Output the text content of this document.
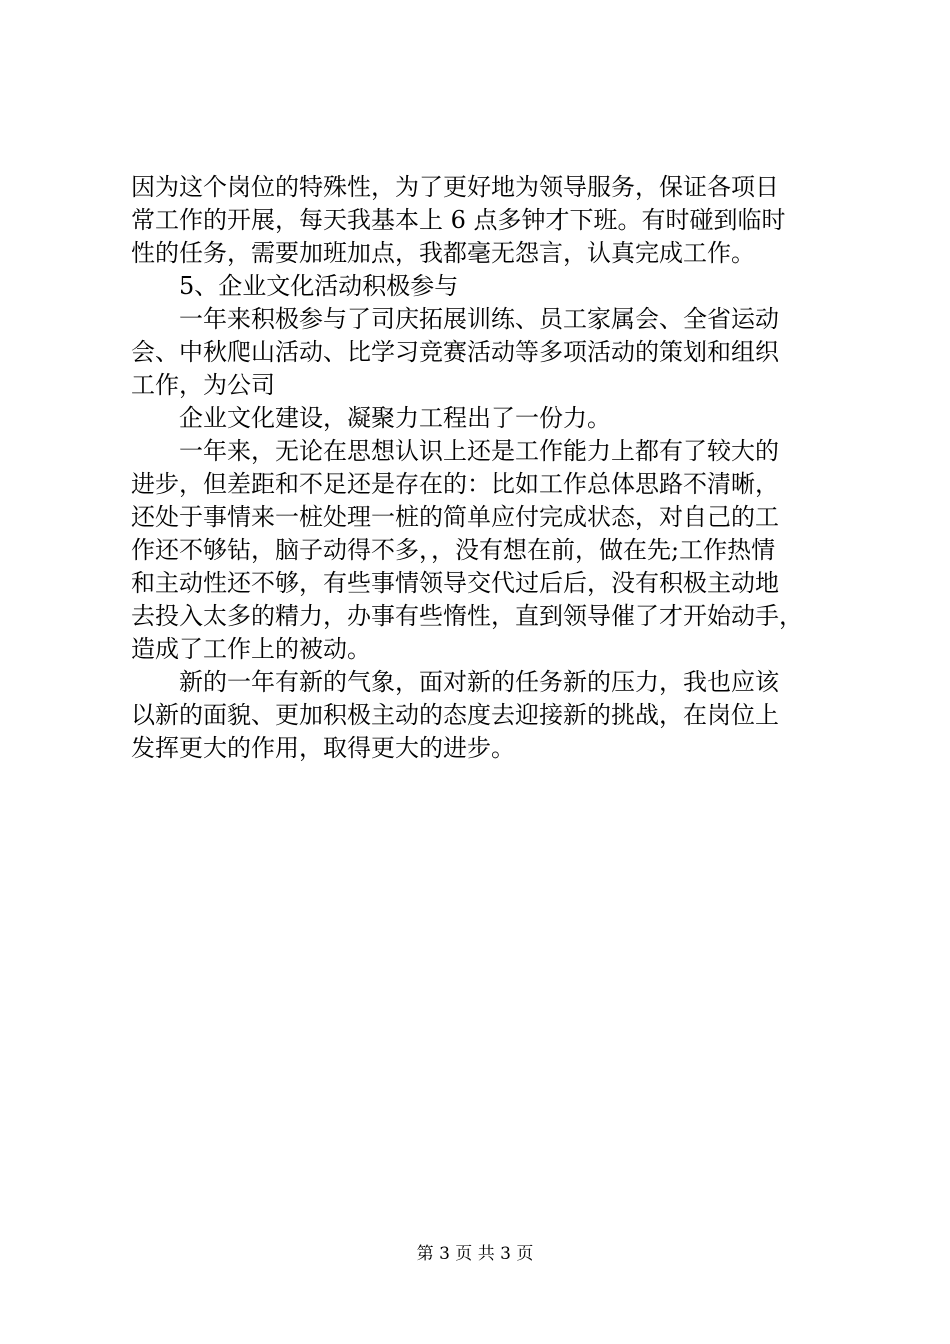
因为这个岗位的特殊性，为了更好地为领导服务，保证各项日
常工作的开展，每天我基本上 6 点多钟才下班。有时碰到临时
性的任务，需要加班加点，我都毫无怨言，认真完成工作。
5、企业文化活动积极参与
一年来积极参与了司庆拓展训练、员工家属会、全省运动
会、中秋爬山活动、比学习竞赛活动等多项活动的策划和组织
工作，为公司
企业文化建设，凝聚力工程出了一份力。
一年来，无论在思想认识上还是工作能力上都有了较大的
进步，但差距和不足还是存在的：比如工作总体思路不清晰，
还处于事情来一桩处理一桩的简单应付完成状态，对自己的工
作还不够钻，脑子动得不多，，没有想在前，做在先;工作热情
和主动性还不够，有些事情领导交代过后后，没有积极主动地
去投入太多的精力，办事有些惰性，直到领导催了才开始动手，
造成了工作上的被动。
新的一年有新的气象，面对新的任务新的压力，我也应该
以新的面貌、更加积极主动的态度去迎接新的挑战，在岗位上
发挥更大的作用，取得更大的进步。
第 3 页 共 3 页
